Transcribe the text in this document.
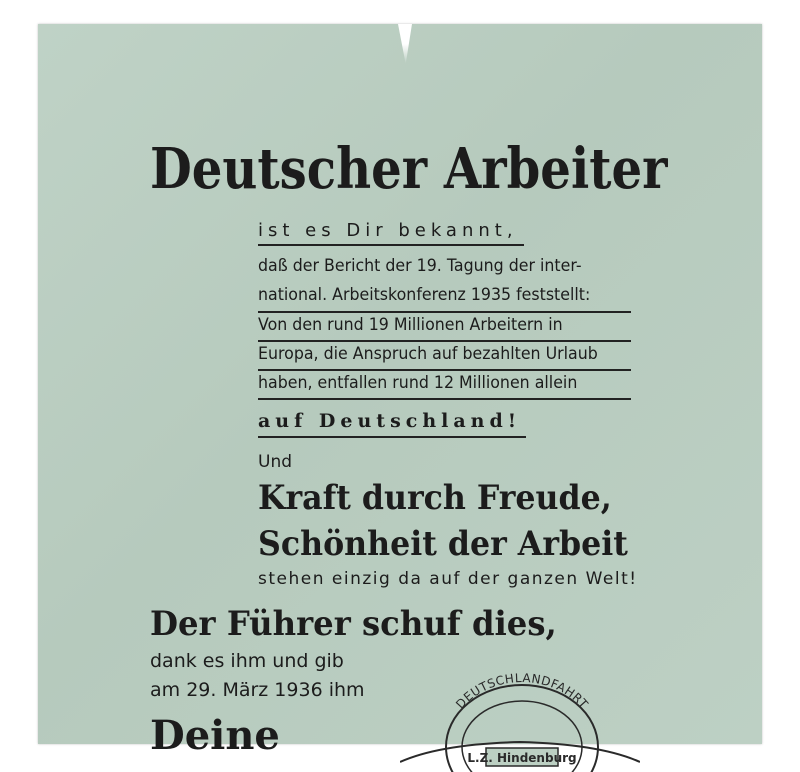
Deutscher Arbeiter
ist es Dir bekannt,
daß der Bericht der 19. Tagung der inter-
national. Arbeitskonferenz 1935 feststellt:
Von den rund 19 Millionen Arbeitern in
Europa, die Anspruch auf bezahlten Urlaub
haben, entfallen rund 12 Millionen allein
auf Deutschland!
Und
Kraft durch Freude,
Schönheit der Arbeit
stehen einzig da auf der ganzen Welt!
Der Führer schuf dies,
dank es ihm und gib
am 29. März 1936 ihm
Deine
DEUTSCHLANDFAHRT
L.Z. Hindenburg
